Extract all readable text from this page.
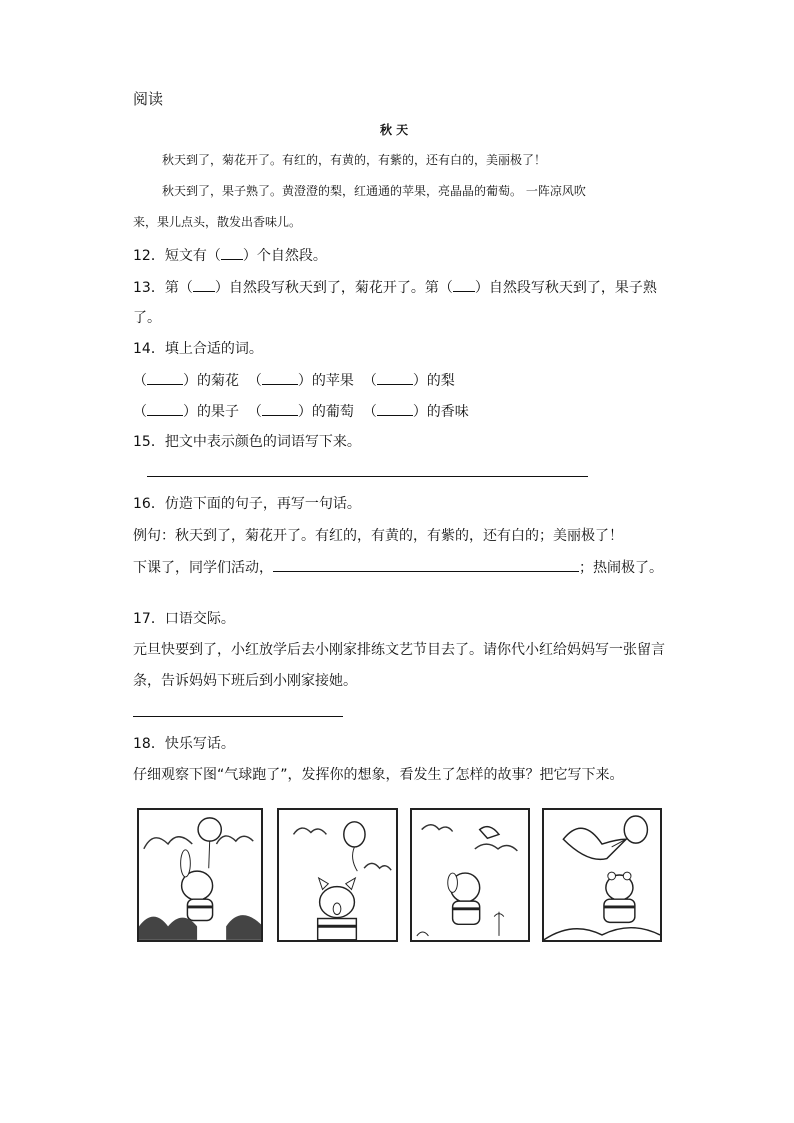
阅读
秋 天
秋天到了，菊花开了。有红的，有黄的，有紫的，还有白的，美丽极了！
秋天到了，果子熟了。黄澄澄的梨，红通通的苹果，亮晶晶的葡萄。 一阵凉风吹
来，果儿点头，散发出香味儿。
12．短文有（ ）个自然段。
13．第（ ）自然段写秋天到了，菊花开了。第（ ）自然段写秋天到了，果子熟
了。
14．填上合适的词。
（	）的菊花 （	）的苹果 （	）的梨
（	）的果子 （	）的葡萄 （	）的香味
15．把文中表示颜色的词语写下来。
16．仿造下面的句子，再写一句话。
例句：秋天到了，菊花开了。有红的，有黄的，有紫的，还有白的；美丽极了！
下课了，同学们活动，	；热闹极了。
17．口语交际。
元旦快要到了，小红放学后去小刚家排练文艺节目去了。请你代小红给妈妈写一张留言
条，告诉妈妈下班后到小刚家接她。
18．快乐写话。
仔细观察下图“气球跑了”，发挥你的想象，看发生了怎样的故事？把它写下来。
